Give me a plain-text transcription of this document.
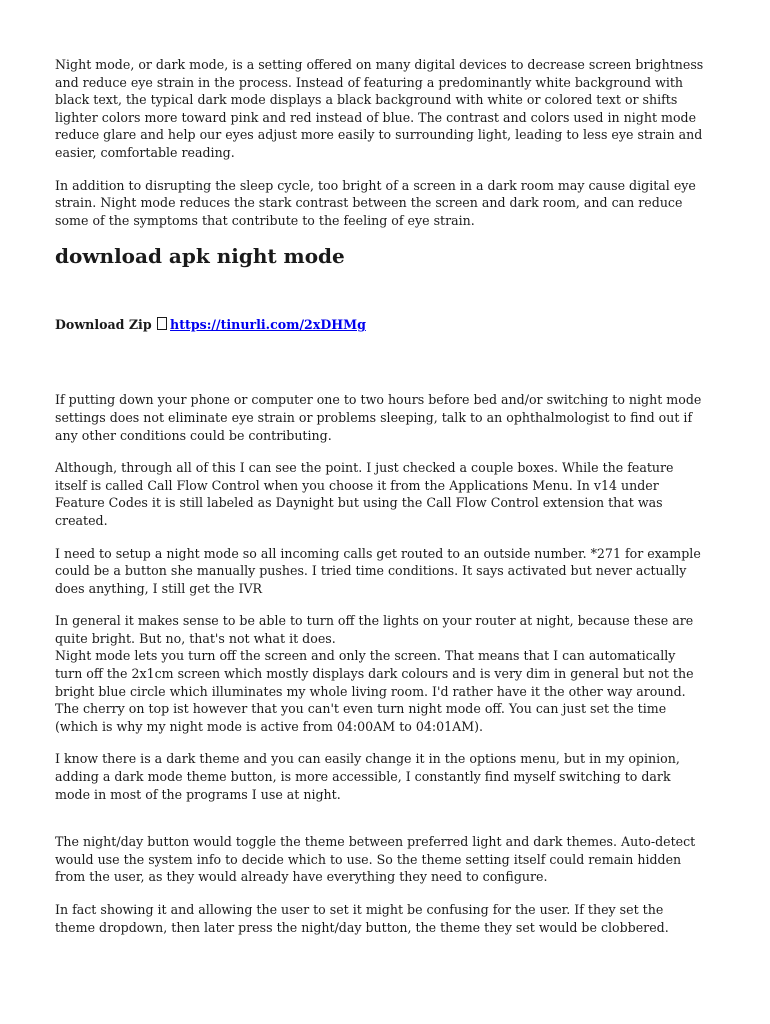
Night mode, or dark mode, is a setting offered on many digital devices to decrease screen brightness
and reduce eye strain in the process. Instead of featuring a predominantly white background with
black text, the typical dark mode displays a black background with white or colored text or shifts
lighter colors more toward pink and red instead of blue. The contrast and colors used in night mode
reduce glare and help our eyes adjust more easily to surrounding light, leading to less eye strain and
easier, comfortable reading.

In addition to disrupting the sleep cycle, too bright of a screen in a dark room may cause digital eye
strain. Night mode reduces the stark contrast between the screen and dark room, and can reduce
some of the symptoms that contribute to the feeling of eye strain.

download apk night mode
Download Zip https://tinurli.com/2xDHMg

If putting down your phone or computer one to two hours before bed and/or switching to night mode
settings does not eliminate eye strain or problems sleeping, talk to an ophthalmologist to find out if
any other conditions could be contributing.

Although, through all of this I can see the point. I just checked a couple boxes. While the feature
itself is called Call Flow Control when you choose it from the Applications Menu. In v14 under
Feature Codes it is still labeled as Daynight but using the Call Flow Control extension that was
created.

I need to setup a night mode so all incoming calls get routed to an outside number. *271 for example
could be a button she manually pushes. I tried time conditions. It says activated but never actually
does anything, I still get the IVR

In general it makes sense to be able to turn off the lights on your router at night, because these are
quite bright. But no, that's not what it does.
Night mode lets you turn off the screen and only the screen. That means that I can automatically
turn off the 2x1cm screen which mostly displays dark colours and is very dim in general but not the
bright blue circle which illuminates my whole living room. I'd rather have it the other way around.
The cherry on top ist however that you can't even turn night mode off. You can just set the time
(which is why my night mode is active from 04:00AM to 04:01AM).

I know there is a dark theme and you can easily change it in the options menu, but in my opinion,
adding a dark mode theme button, is more accessible, I constantly find myself switching to dark
mode in most of the programs I use at night.

The night/day button would toggle the theme between preferred light and dark themes. Auto-detect
would use the system info to decide which to use. So the theme setting itself could remain hidden
from the user, as they would already have everything they need to configure.

In fact showing it and allowing the user to set it might be confusing for the user. If they set the
theme dropdown, then later press the night/day button, the theme they set would be clobbered.
